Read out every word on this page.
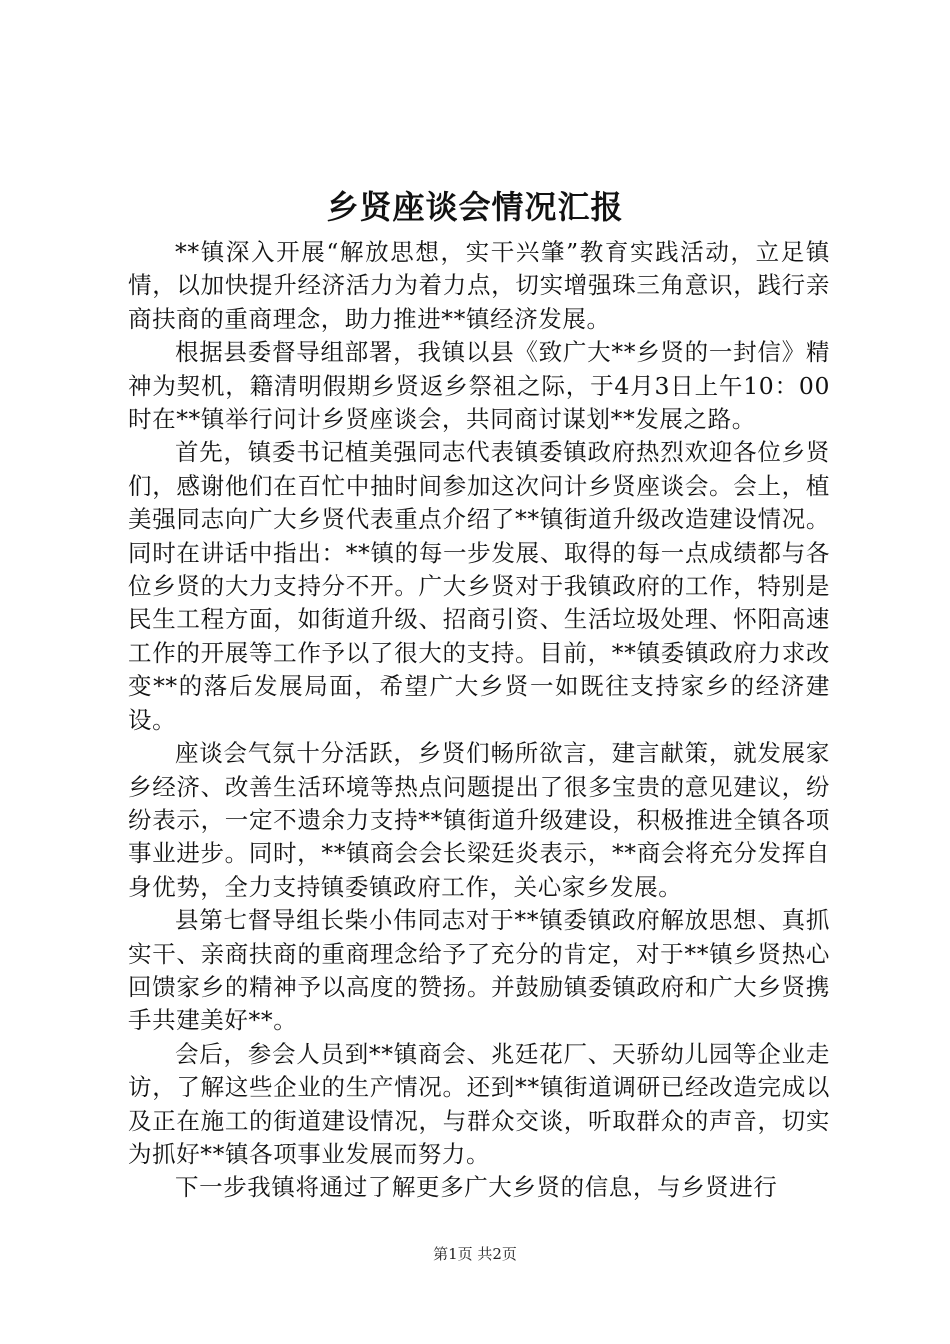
乡贤座谈会情况汇报

**镇深入开展“解放思想，实干兴肇”教育实践活动，立足镇情，以加快提升经济活力为着力点，切实增强珠三角意识，践行亲商扶商的重商理念，助力推进**镇经济发展。

根据县委督导组部署，我镇以县《致广大**乡贤的一封信》精神为契机，籍清明假期乡贤返乡祭祖之际，于4月3日上午10：00时在**镇举行问计乡贤座谈会，共同商讨谋划**发展之路。

首先，镇委书记植美强同志代表镇委镇政府热烈欢迎各位乡贤们，感谢他们在百忙中抽时间参加这次问计乡贤座谈会。会上，植美强同志向广大乡贤代表重点介绍了**镇街道升级改造建设情况。同时在讲话中指出：**镇的每一步发展、取得的每一点成绩都与各位乡贤的大力支持分不开。广大乡贤对于我镇政府的工作，特别是民生工程方面，如街道升级、招商引资、生活垃圾处理、怀阳高速工作的开展等工作予以了很大的支持。目前，**镇委镇政府力求改变**的落后发展局面，希望广大乡贤一如既往支持家乡的经济建设。

座谈会气氛十分活跃，乡贤们畅所欲言，建言献策，就发展家乡经济、改善生活环境等热点问题提出了很多宝贵的意见建议，纷纷表示，一定不遗余力支持**镇街道升级建设，积极推进全镇各项事业进步。同时，**镇商会会长梁廷炎表示，**商会将充分发挥自身优势，全力支持镇委镇政府工作，关心家乡发展。

县第七督导组长柴小伟同志对于**镇委镇政府解放思想、真抓实干、亲商扶商的重商理念给予了充分的肯定，对于**镇乡贤热心回馈家乡的精神予以高度的赞扬。并鼓励镇委镇政府和广大乡贤携手共建美好**。

会后，参会人员到**镇商会、兆廷花厂、天骄幼儿园等企业走访，了解这些企业的生产情况。还到**镇街道调研已经改造完成以及正在施工的街道建设情况，与群众交谈，听取群众的声音，切实为抓好**镇各项事业发展而努力。

下一步我镇将通过了解更多广大乡贤的信息，与乡贤进行

第1页 共2页
